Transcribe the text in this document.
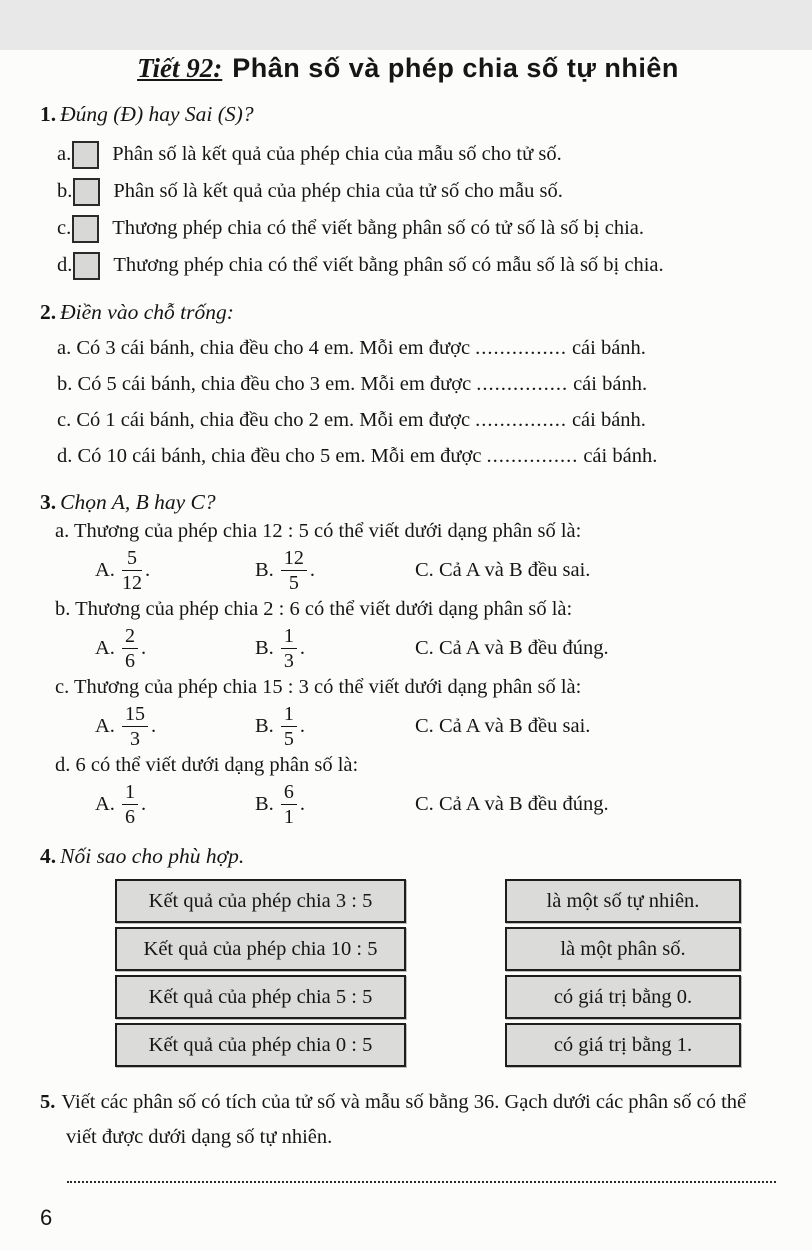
Tiết 92: Phân số và phép chia số tự nhiên
1. Đúng (Đ) hay Sai (S)?
a. Phân số là kết quả của phép chia của mẫu số cho tử số.
b. Phân số là kết quả của phép chia của tử số cho mẫu số.
c. Thương phép chia có thể viết bằng phân số có tử số là số bị chia.
d. Thương phép chia có thể viết bằng phân số có mẫu số là số bị chia.
2. Điền vào chỗ trống:
a. Có 3 cái bánh, chia đều cho 4 em. Mỗi em được ............... cái bánh.
b. Có 5 cái bánh, chia đều cho 3 em. Mỗi em được ............... cái bánh.
c. Có 1 cái bánh, chia đều cho 2 em. Mỗi em được ............... cái bánh.
d. Có 10 cái bánh, chia đều cho 5 em. Mỗi em được ............... cái bánh.
3. Chọn A, B hay C?
a. Thương của phép chia 12 : 5 có thể viết dưới dạng phân số là:
A. $\frac{5}{12}$ .	B. $\frac{12}{5}$ .	C.
Cả A và B đều sai.
b. Thương của phép chia 2 : 6 có thể viết dưới dạng phân số là:
A. $\frac{2}{6}$ .	B. $\frac{1}{3}$ .	C.
Cả A và B đều đúng.
c. Thương của phép chia 15 : 3 có thể viết dưới dạng phân số là:
A. $\frac{15}{3}$ .	B. $\frac{1}{5}$ .	C.
Cả A và B đều sai.
d. 6 có thể viết dưới dạng phân số là:
A. $\frac{1}{6}$ .	B. $\frac{6}{1}$ .	C.
Cả A và B đều đúng.
4. Nối sao cho phù hợp.
Kết quả của phép chia 3 : 5
Kết quả của phép chia 10 : 5
Kết quả của phép chia 5 : 5
Kết quả của phép chia 0 : 5
là một số tự nhiên.
là một phân số.
có giá trị bằng 0.
có giá trị bằng 1.
5. Viết các phân số có tích của tử số và mẫu số bằng 36. Gạch dưới các phân số có thể viết được dưới dạng số tự nhiên.
6
